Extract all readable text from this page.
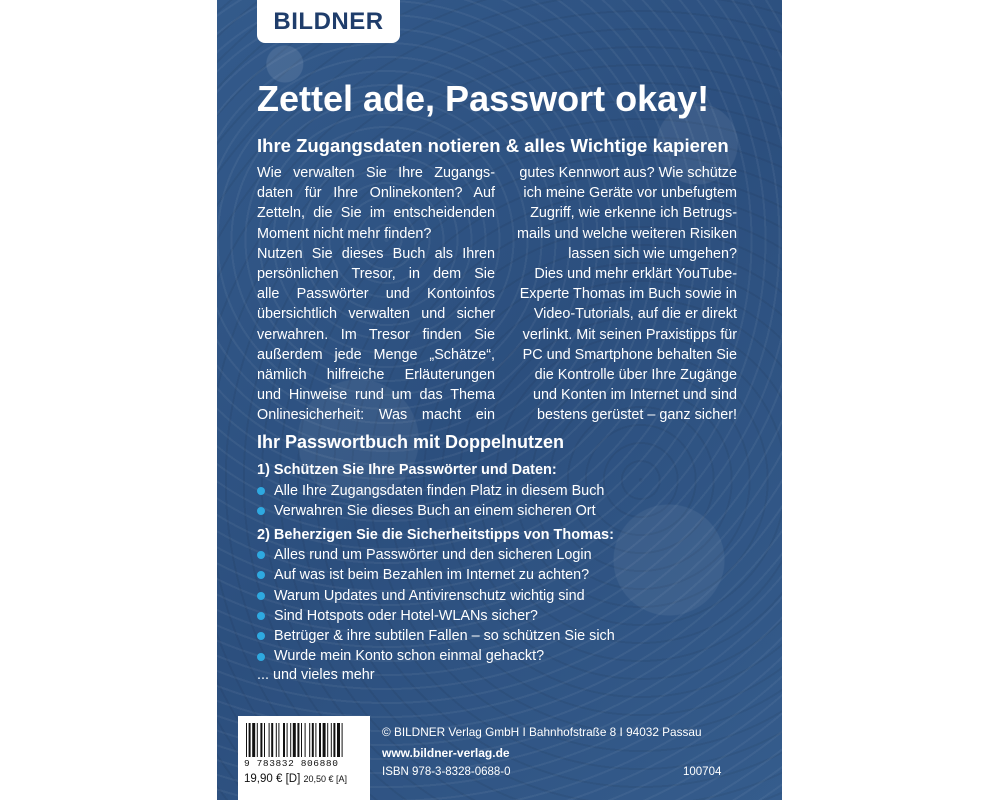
BILDNER
Zettel ade, Passwort okay!
Ihre Zugangsdaten notieren & alles Wichtige kapieren
Wie verwalten Sie Ihre Zugangs-
daten für Ihre Onlinekonten? Auf
Zetteln, die Sie im entscheidenden
Moment nicht mehr finden?
Nutzen Sie dieses Buch als Ihren
persönlichen Tresor, in dem Sie
alle Passwörter und Kontoinfos
übersichtlich verwalten und sicher
verwahren. Im Tresor finden Sie
außerdem jede Menge „Schätze“,
nämlich hilfreiche Erläuterungen
und Hinweise rund um das Thema
Onlinesicherheit: Was macht ein
gutes Kennwort aus? Wie schütze
ich meine Geräte vor unbefugtem
Zugriff, wie erkenne ich Betrugs-
mails und welche weiteren Risiken
lassen sich wie umgehen?
Dies und mehr erklärt YouTube-
Experte Thomas im Buch sowie in
Video-Tutorials, auf die er direkt
verlinkt. Mit seinen Praxistipps für
PC und Smartphone behalten Sie
die Kontrolle über Ihre Zugänge
und Konten im Internet und sind
bestens gerüstet – ganz sicher!
Ihr Passwortbuch mit Doppelnutzen
1) Schützen Sie Ihre Passwörter und Daten:
Alle Ihre Zugangsdaten finden Platz in diesem Buch
Verwahren Sie dieses Buch an einem sicheren Ort
2) Beherzigen Sie die Sicherheitstipps von Thomas:
Alles rund um Passwörter und den sicheren Login
Auf was ist beim Bezahlen im Internet zu achten?
Warum Updates und Antivirenschutz wichtig sind
Sind Hotspots oder Hotel-WLANs sicher?
Betrüger & ihre subtilen Fallen – so schützen Sie sich
Wurde mein Konto schon einmal gehackt?
... und vieles mehr
9 783832 806880
19,90 € [D] 20,50 € [A]
© BILDNER Verlag GmbH I Bahnhofstraße 8 I 94032 Passau
www.bildner-verlag.de
ISBN 978-3-8328-0688-0	100704
